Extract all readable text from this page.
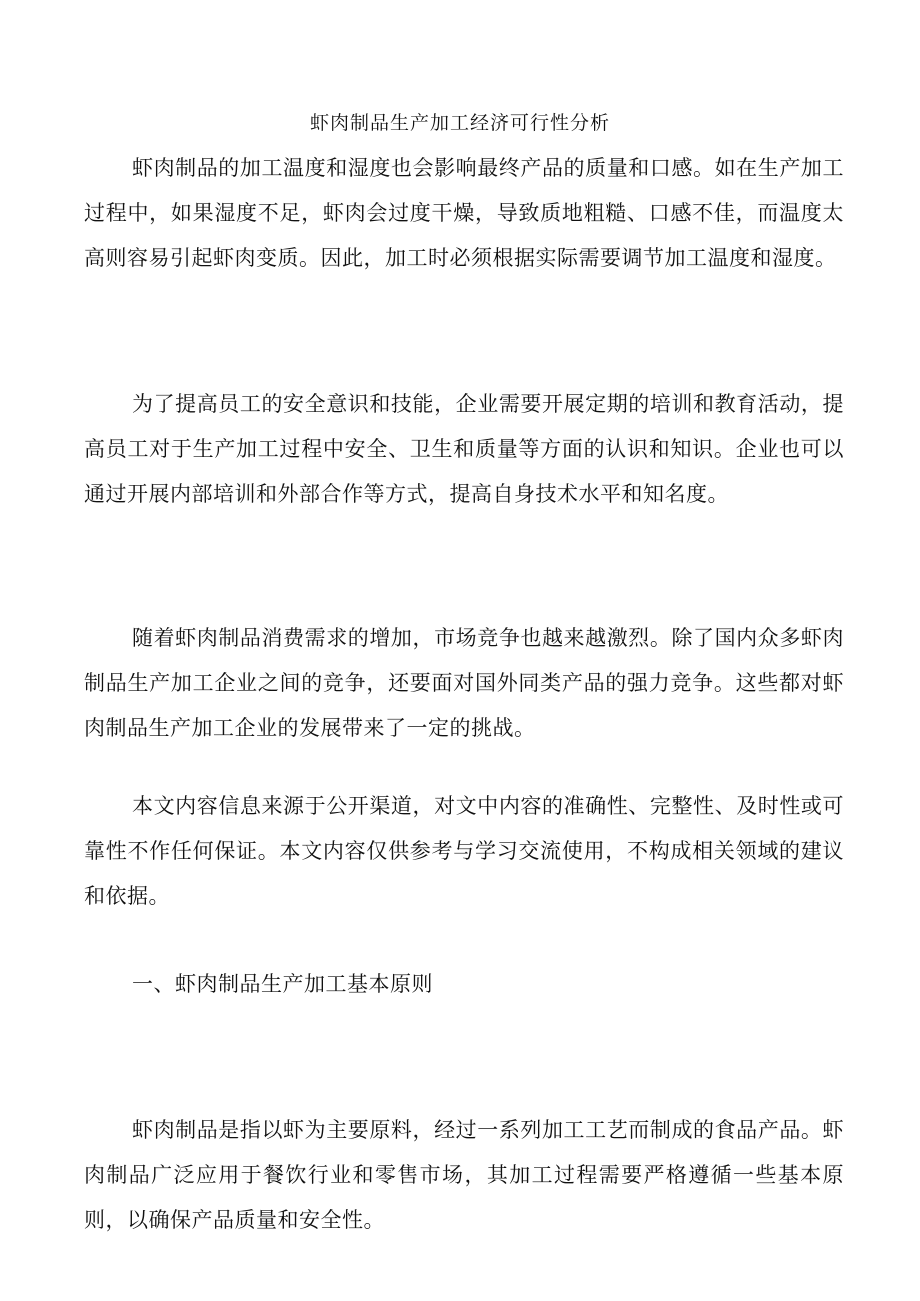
虾肉制品生产加工经济可行性分析

虾肉制品的加工温度和湿度也会影响最终产品的质量和口感。如在生产加工过程中，如果湿度不足，虾肉会过度干燥，导致质地粗糙、口感不佳，而温度太高则容易引起虾肉变质。因此，加工时必须根据实际需要调节加工温度和湿度。

为了提高员工的安全意识和技能，企业需要开展定期的培训和教育活动，提高员工对于生产加工过程中安全、卫生和质量等方面的认识和知识。企业也可以通过开展内部培训和外部合作等方式，提高自身技术水平和知名度。

随着虾肉制品消费需求的增加，市场竞争也越来越激烈。除了国内众多虾肉制品生产加工企业之间的竞争，还要面对国外同类产品的强力竞争。这些都对虾肉制品生产加工企业的发展带来了一定的挑战。

本文内容信息来源于公开渠道，对文中内容的准确性、完整性、及时性或可靠性不作任何保证。本文内容仅供参考与学习交流使用，不构成相关领域的建议和依据。

一、虾肉制品生产加工基本原则

虾肉制品是指以虾为主要原料，经过一系列加工工艺而制成的食品产品。虾肉制品广泛应用于餐饮行业和零售市场，其加工过程需要严格遵循一些基本原则，以确保产品质量和安全性。
